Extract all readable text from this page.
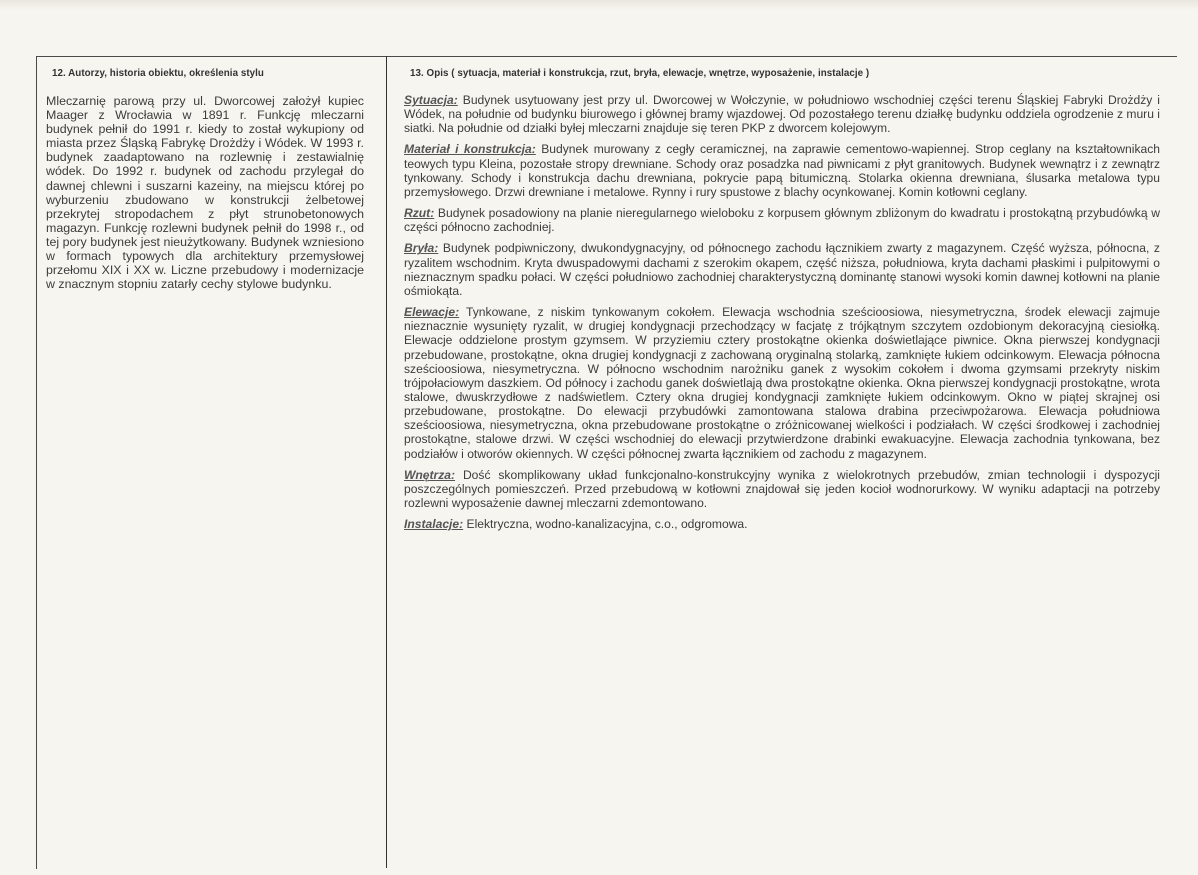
12. Autorzy, historia obiektu, określenia stylu
Mleczarnię parową przy ul. Dworcowej założył kupiec Maager z Wrocławia w 1891 r. Funkcję mleczarni budynek pełnił do 1991 r. kiedy to został wykupiony od miasta przez Śląską Fabrykę Drożdży i Wódek. W 1993 r. budynek zaadaptowano na rozlewnię i zestawialnię wódek. Do 1992 r. budynek od zachodu przylegał do dawnej chlewni i suszarni kazeiny, na miejscu której po wyburzeniu zbudowano w konstrukcji żelbetowej przekrytej stropodachem z płyt strunobetonowych magazyn. Funkcję rozlewni budynek pełnił do 1998 r., od tej pory budynek jest nieużytkowany. Budynek wzniesiono w formach typowych dla architektury przemysłowej przełomu XIX i XX w. Liczne przebudowy i modernizacje w znacznym stopniu zatarły cechy stylowe budynku.
13. Opis ( sytuacja, materiał i konstrukcja, rzut, bryła, elewacje, wnętrze, wyposażenie, instalacje )

Sytuacja: Budynek usytuowany jest przy ul. Dworcowej w Wołczynie, w południowo wschodniej części terenu Śląskiej Fabryki Drożdży i Wódek, na południe od budynku biurowego i głównej bramy wjazdowej. Od pozostałego terenu działkę budynku oddziela ogrodzenie z muru i siatki. Na południe od działki byłej mleczarni znajduje się teren PKP z dworcem kolejowym.

Materiał i konstrukcja: Budynek murowany z cegły ceramicznej, na zaprawie cementowo-wapiennej. Strop ceglany na kształtownikach teowych typu Kleina, pozostałe stropy drewniane. Schody oraz posadzka nad piwnicami z płyt granitowych. Budynek wewnątrz i z zewnątrz tynkowany. Schody i konstrukcja dachu drewniana, pokrycie papą bitumiczną. Stolarka okienna drewniana, ślusarka metalowa typu przemysłowego. Drzwi drewniane i metalowe. Rynny i rury spustowe z blachy ocynkowanej. Komin kotłowni ceglany.

Rzut: Budynek posadowiony na planie nieregularnego wieloboku z korpusem głównym zbliżonym do kwadratu i prostokątną przybudówką w części północno zachodniej.

Bryła: Budynek podpiwniczony, dwukondygnacyjny, od północnego zachodu łącznikiem zwarty z magazynem. Część wyższa, północna, z ryzalitem wschodnim. Kryta dwuspadowymi dachami z szerokim okapem, część niższa, południowa, kryta dachami płaskimi i pulpitowymi o nieznacznym spadku połaci. W części południowo zachodniej charakterystyczną dominantę stanowi wysoki komin dawnej kotłowni na planie ośmiokąta.

Elewacje: Tynkowane, z niskim tynkowanym cokołem. Elewacja wschodnia sześcioosiowa, niesymetryczna, środek elewacji zajmuje nieznacznie wysunięty ryzalit, w drugiej kondygnacji przechodzący w facjatę z trójkątnym szczytem ozdobionym dekoracyjną ciesiołką. Elewacje oddzielone prostym gzymsem. W przyziemiu cztery prostokątne okienka doświetlające piwnice. Okna pierwszej kondygnacji przebudowane, prostokątne, okna drugiej kondygnacji z zachowaną oryginalną stolarką, zamknięte łukiem odcinkowym. Elewacja północna sześcioosiowa, niesymetryczna. W północno wschodnim narożniku ganek z wysokim cokołem i dwoma gzymsami przekryty niskim trójpołaciowym daszkiem. Od północy i zachodu ganek doświetlają dwa prostokątne okienka. Okna pierwszej kondygnacji prostokątne, wrota stalowe, dwuskrzydłowe z nadświetlem. Cztery okna drugiej kondygnacji zamknięte łukiem odcinkowym. Okno w piątej skrajnej osi przebudowane, prostokątne. Do elewacji przybudówki zamontowana stalowa drabina przeciwpożarowa. Elewacja południowa sześcioosiowa, niesymetryczna, okna przebudowane prostokątne o zróżnicowanej wielkości i podziałach. W części środkowej i zachodniej prostokątne, stalowe drzwi. W części wschodniej do elewacji przytwierdzone drabinki ewakuacyjne. Elewacja zachodnia tynkowana, bez podziałów i otworów okiennych. W części północnej zwarta łącznikiem od zachodu z magazynem.

Wnętrza: Dość skomplikowany układ funkcjonalno-konstrukcyjny wynika z wielokrotnych przebudów, zmian technologii i dyspozycji poszczególnych pomieszczeń. Przed przebudową w kotłowni znajdował się jeden kocioł wodnorurkowy. W wyniku adaptacji na potrzeby rozlewni wyposażenie dawnej mleczarni zdemontowano.

Instalacje: Elektryczna, wodno-kanalizacyjna, c.o., odgromowa.
